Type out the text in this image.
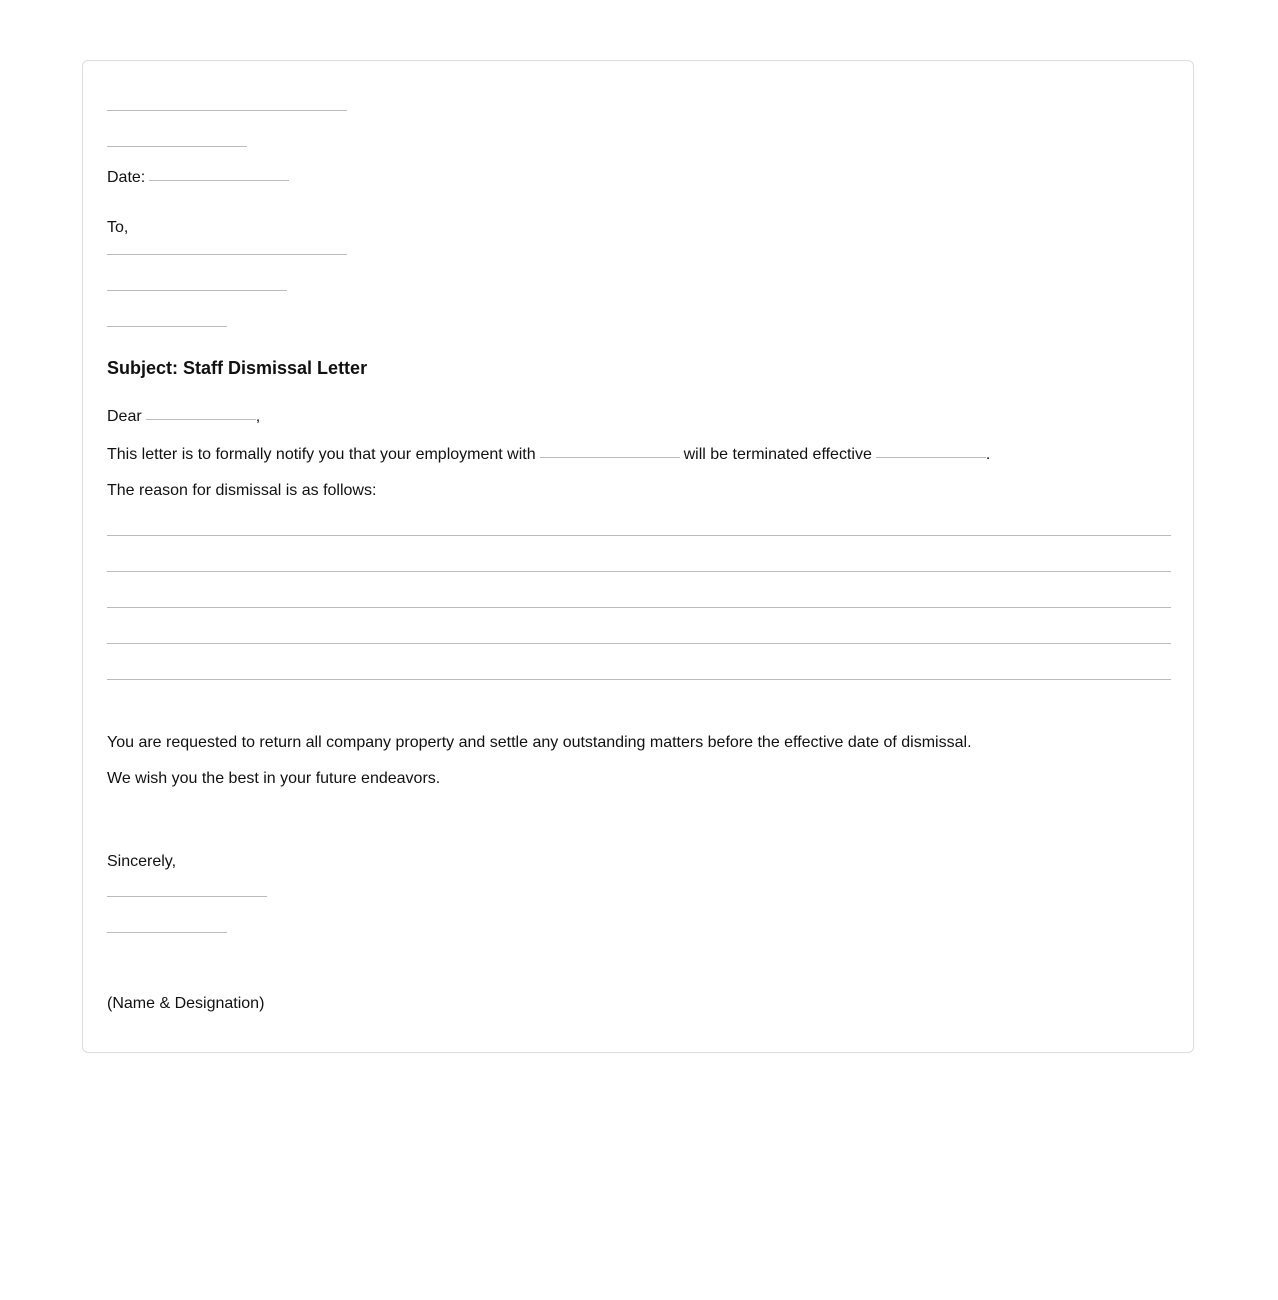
Date:
To,
Subject: Staff Dismissal Letter
Dear	,
This letter is to formally notify you that your employment with	will be terminated effective	.
The reason for dismissal is as follows:
You are requested to return all company property and settle any outstanding matters before the effective date of dismissal.
We wish you the best in your future endeavors.
Sincerely,
(Name & Designation)
